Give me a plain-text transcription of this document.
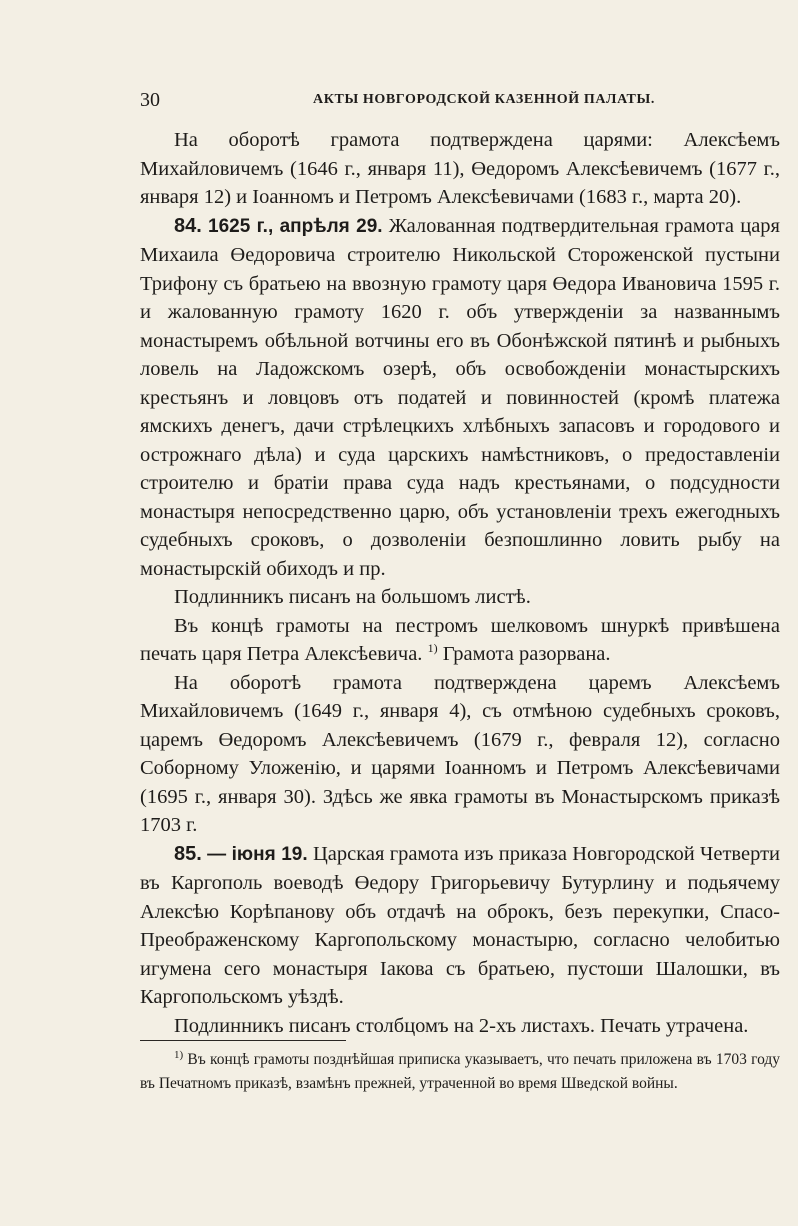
30	АКТЫ НОВГОРОДСКОЙ КАЗЕННОЙ ПАЛАТЫ.

На оборотѣ грамота подтверждена царями: Алексѣемъ Михайловичемъ (1646 г., января 11), Өедоромъ Алексѣевичемъ (1677 г., января 12) и Іоанномъ и Петромъ Алексѣевичами (1683 г., марта 20).

84. 1625 г., апрѣля 29. Жалованная подтвердительная грамота царя Михаила Өедоровича строителю Никольской Стороженской пустыни Трифону съ братьею на ввозную грамоту царя Өедора Ивановича 1595 г. и жалованную грамоту 1620 г. объ утвержденіи за названнымъ монастыремъ обѣльной вотчины его въ Обонѣжской пятинѣ и рыбныхъ ловель на Ладожскомъ озерѣ, объ освобожденіи монастырскихъ крестьянъ и ловцовъ отъ податей и повинностей (кромѣ платежа ямскихъ денегъ, дачи стрѣлецкихъ хлѣбныхъ запасовъ и городового и острожнаго дѣла) и суда царскихъ намѣстниковъ, о предоставленіи строителю и братіи права суда надъ крестьянами, о подсудности монастыря непосредственно царю, объ установленіи трехъ ежегодныхъ судебныхъ сроковъ, о дозволеніи безпошлинно ловить рыбу на монастырскій обиходъ и пр.

Подлинникъ писанъ на большомъ листѣ.

Въ концѣ грамоты на пестромъ шелковомъ шнуркѣ привѣшена печать царя Петра Алексѣевича. $^{1)}$ Грамота разорвана.

На оборотѣ грамота подтверждена царемъ Алексѣемъ Михайловичемъ (1649 г., января 4), съ отмѣною судебныхъ сроковъ, царемъ Өедоромъ Алексѣевичемъ (1679 г., февраля 12), согласно Соборному Уложенію, и царями Іоанномъ и Петромъ Алексѣевичами (1695 г., января 30). Здѣсь же явка грамоты въ Монастырскомъ приказѣ 1703 г.

85. — іюня 19. Царская грамота изъ приказа Новгородской Четверти въ Каргополь воеводѣ Өедору Григорьевичу Бутурлину и подьячему Алексѣю Корѣпанову объ отдачѣ на оброкъ, безъ перекупки, Спасо-Преображенскому Каргопольскому монастырю, согласно челобитью игумена сего монастыря Іакова съ братьею, пустоши Шалошки, въ Каргопольскомъ уѣздѣ.

Подлинникъ писанъ столбцомъ на 2-хъ листахъ. Печать утрачена.

$^{1)}$ Въ концѣ грамоты позднѣйшая приписка указываетъ, что печать приложена въ 1703 году въ Печатномъ приказѣ, взамѣнъ прежней, утраченной во время Шведской войны.
